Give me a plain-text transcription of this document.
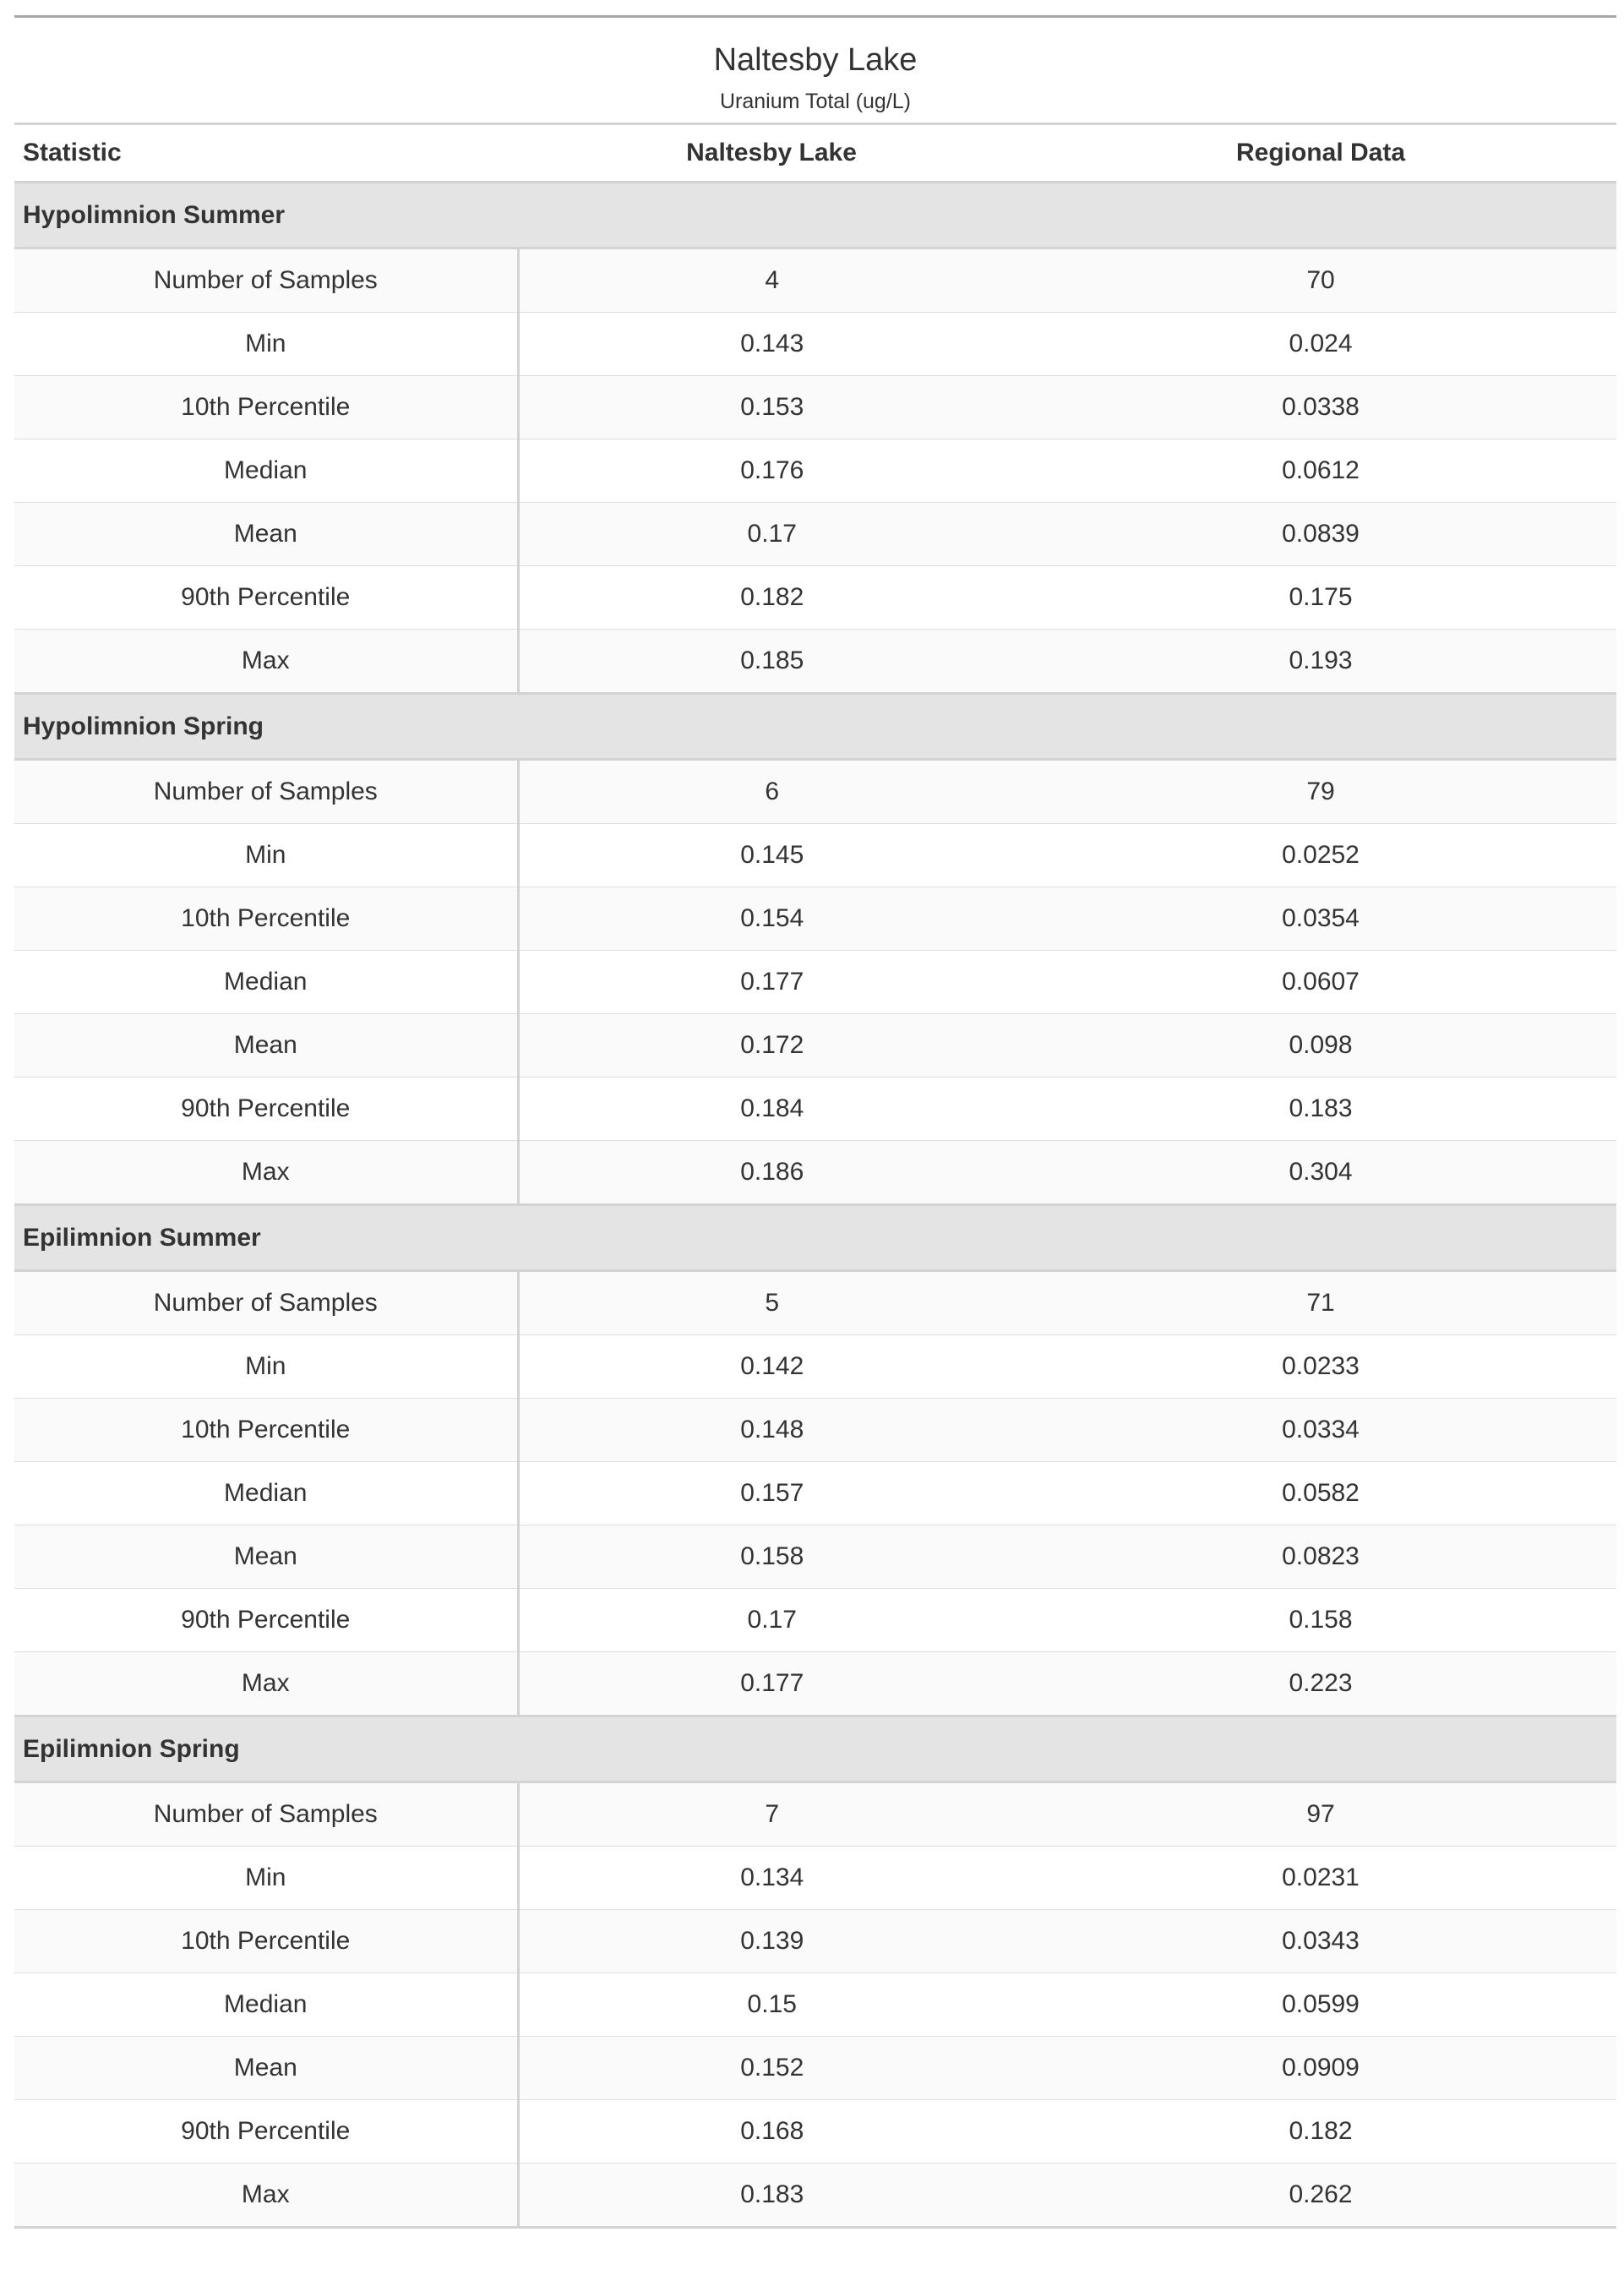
Naltesby Lake
Uranium Total (ug/L)		

Statistic	Naltesby Lake	Regional Data
Hypolimnion Summer		
Number of Samples	4	70
Min	0.143	0.024
10th Percentile	0.153	0.0338
Median	0.176	0.0612
Mean	0.17	0.0839
90th Percentile	0.182	0.175
Max	0.185	0.193
Hypolimnion Spring		
Number of Samples	6	79
Min	0.145	0.0252
10th Percentile	0.154	0.0354
Median	0.177	0.0607
Mean	0.172	0.098
90th Percentile	0.184	0.183
Max	0.186	0.304
Epilimnion Summer		
Number of Samples	5	71
Min	0.142	0.0233
10th Percentile	0.148	0.0334
Median	0.157	0.0582
Mean	0.158	0.0823
90th Percentile	0.17	0.158
Max	0.177	0.223
Epilimnion Spring		
Number of Samples	7	97
Min	0.134	0.0231
10th Percentile	0.139	0.0343
Median	0.15	0.0599
Mean	0.152	0.0909
90th Percentile	0.168	0.182
Max	0.183	0.262
